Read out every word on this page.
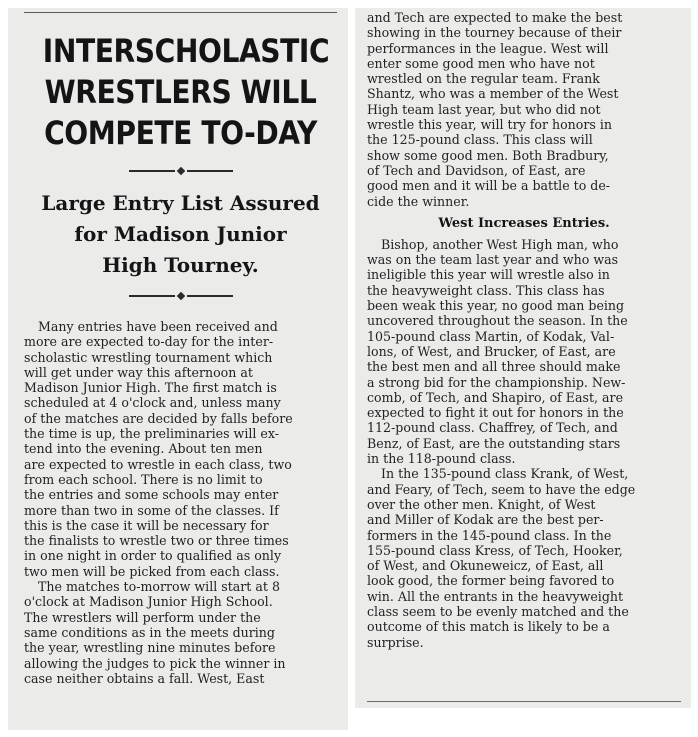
INTERSCHOLASTIC
WRESTLERS WILL
COMPETE TO-DAY
Large Entry List Assured
for Madison Junior
High Tourney.
Many entries have been received and
more are expected to-day for the inter-
scholastic wrestling tournament which
will get under way this afternoon at
Madison Junior High. The first match is
scheduled at 4 o'clock and, unless many
of the matches are decided by falls before
the time is up, the preliminaries will ex-
tend into the evening. About ten men
are expected to wrestle in each class, two
from each school. There is no limit to
the entries and some schools may enter
more than two in some of the classes. If
this is the case it will be necessary for
the finalists to wrestle two or three times
in one night in order to qualified as only
two men will be picked from each class.
The matches to-morrow will start at 8
o'clock at Madison Junior High School.
The wrestlers will perform under the
same conditions as in the meets during
the year, wrestling nine minutes before
allowing the judges to pick the winner in
case neither obtains a fall. West, East
and Tech are expected to make the best
showing in the tourney because of their
performances in the league. West will
enter some good men who have not
wrestled on the regular team. Frank
Shantz, who was a member of the West
High team last year, but who did not
wrestle this year, will try for honors in
the 125-pound class. This class will
show some good men. Both Bradbury,
of Tech and Davidson, of East, are
good men and it will be a battle to de-
cide the winner.
West Increases Entries.
Bishop, another West High man, who
was on the team last year and who was
ineligible this year will wrestle also in
the heavyweight class. This class has
been weak this year, no good man being
uncovered throughout the season. In the
105-pound class Martin, of Kodak, Val-
lons, of West, and Brucker, of East, are
the best men and all three should make
a strong bid for the championship. New-
comb, of Tech, and Shapiro, of East, are
expected to fight it out for honors in the
112-pound class. Chaffrey, of Tech, and
Benz, of East, are the outstanding stars
in the 118-pound class.
In the 135-pound class Krank, of West,
and Feary, of Tech, seem to have the edge
over the other men. Knight, of West
and Miller of Kodak are the best per-
formers in the 145-pound class. In the
155-pound class Kress, of Tech, Hooker,
of West, and Okuneweicz, of East, all
look good, the former being favored to
win. All the entrants in the heavyweight
class seem to be evenly matched and the
outcome of this match is likely to be a
surprise.
